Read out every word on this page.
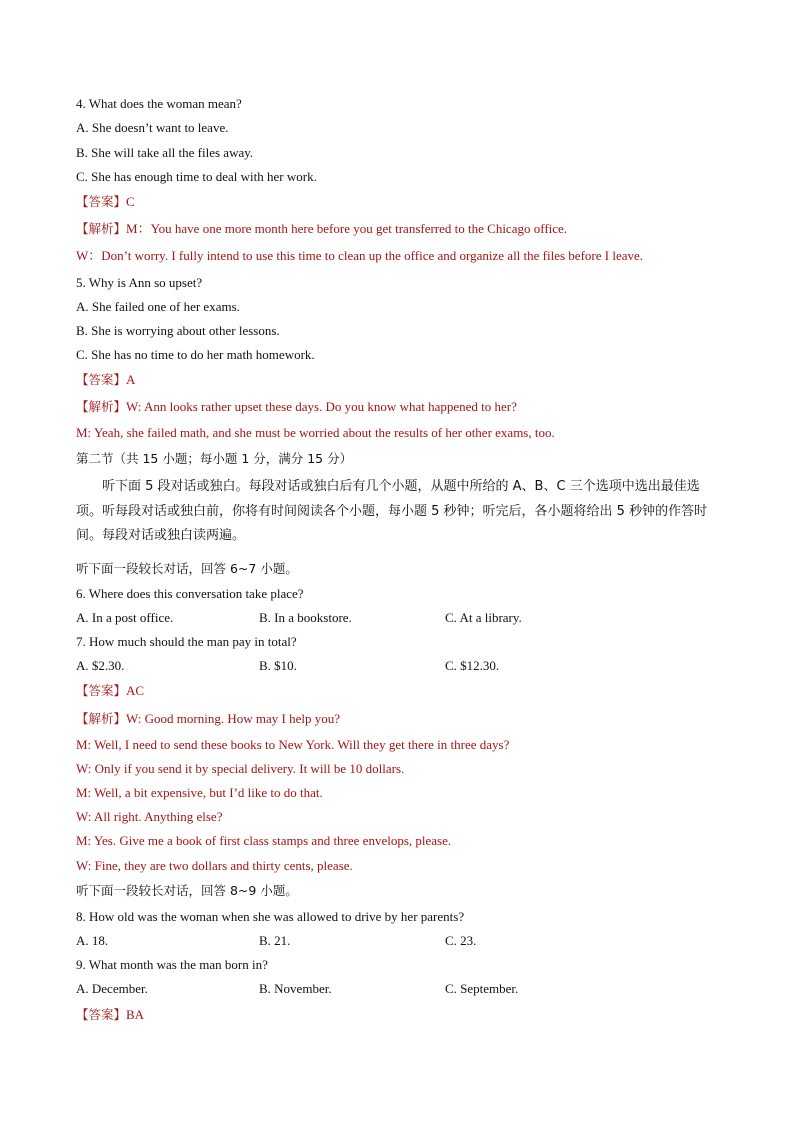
4. What does the woman mean?
A. She doesn’t want to leave.
B. She will take all the files away.
C. She has enough time to deal with her work.
【答案】C
【解析】M：You have one more month here before you get transferred to the Chicago office.
W：Don’t worry. I fully intend to use this time to clean up the office and organize all the files before I leave.
5. Why is Ann so upset?
A. She failed one of her exams.
B. She is worrying about other lessons.
C. She has no time to do her math homework.
【答案】A
【解析】W: Ann looks rather upset these days. Do you know what happened to her?
M: Yeah, she failed math, and she must be worried about the results of her other exams, too.
第二节（共 15 小题；每小题 1 分，满分 15 分）
听下面 5 段对话或独白。每段对话或独白后有几个小题，从题中所给的 A、B、C 三个选项中选出最佳选项。听每段对话或独白前，你将有时间阅读各个小题，每小题 5 秒钟；听完后，各小题将给出 5 秒钟的作答时间。每段对话或独白读两遍。
听下面一段较长对话，回答 6~7 小题。
6. Where does this conversation take place?
A. In a post office.	B. In a bookstore.	C. At a library.
7. How much should the man pay in total?
A. $2.30.	B. $10.	C. $12.30.
【答案】AC
【解析】W: Good morning. How may I help you?
M: Well, I need to send these books to New York. Will they get there in three days?
W: Only if you send it by special delivery. It will be 10 dollars.
M: Well, a bit expensive, but I’d like to do that.
W: All right. Anything else?
M: Yes. Give me a book of first class stamps and three envelops, please.
W: Fine, they are two dollars and thirty cents, please.
听下面一段较长对话，回答 8~9 小题。
8. How old was the woman when she was allowed to drive by her parents?
A. 18.	B. 21.	C. 23.
9. What month was the man born in?
A. December.	B. November.	C. September.
【答案】BA
